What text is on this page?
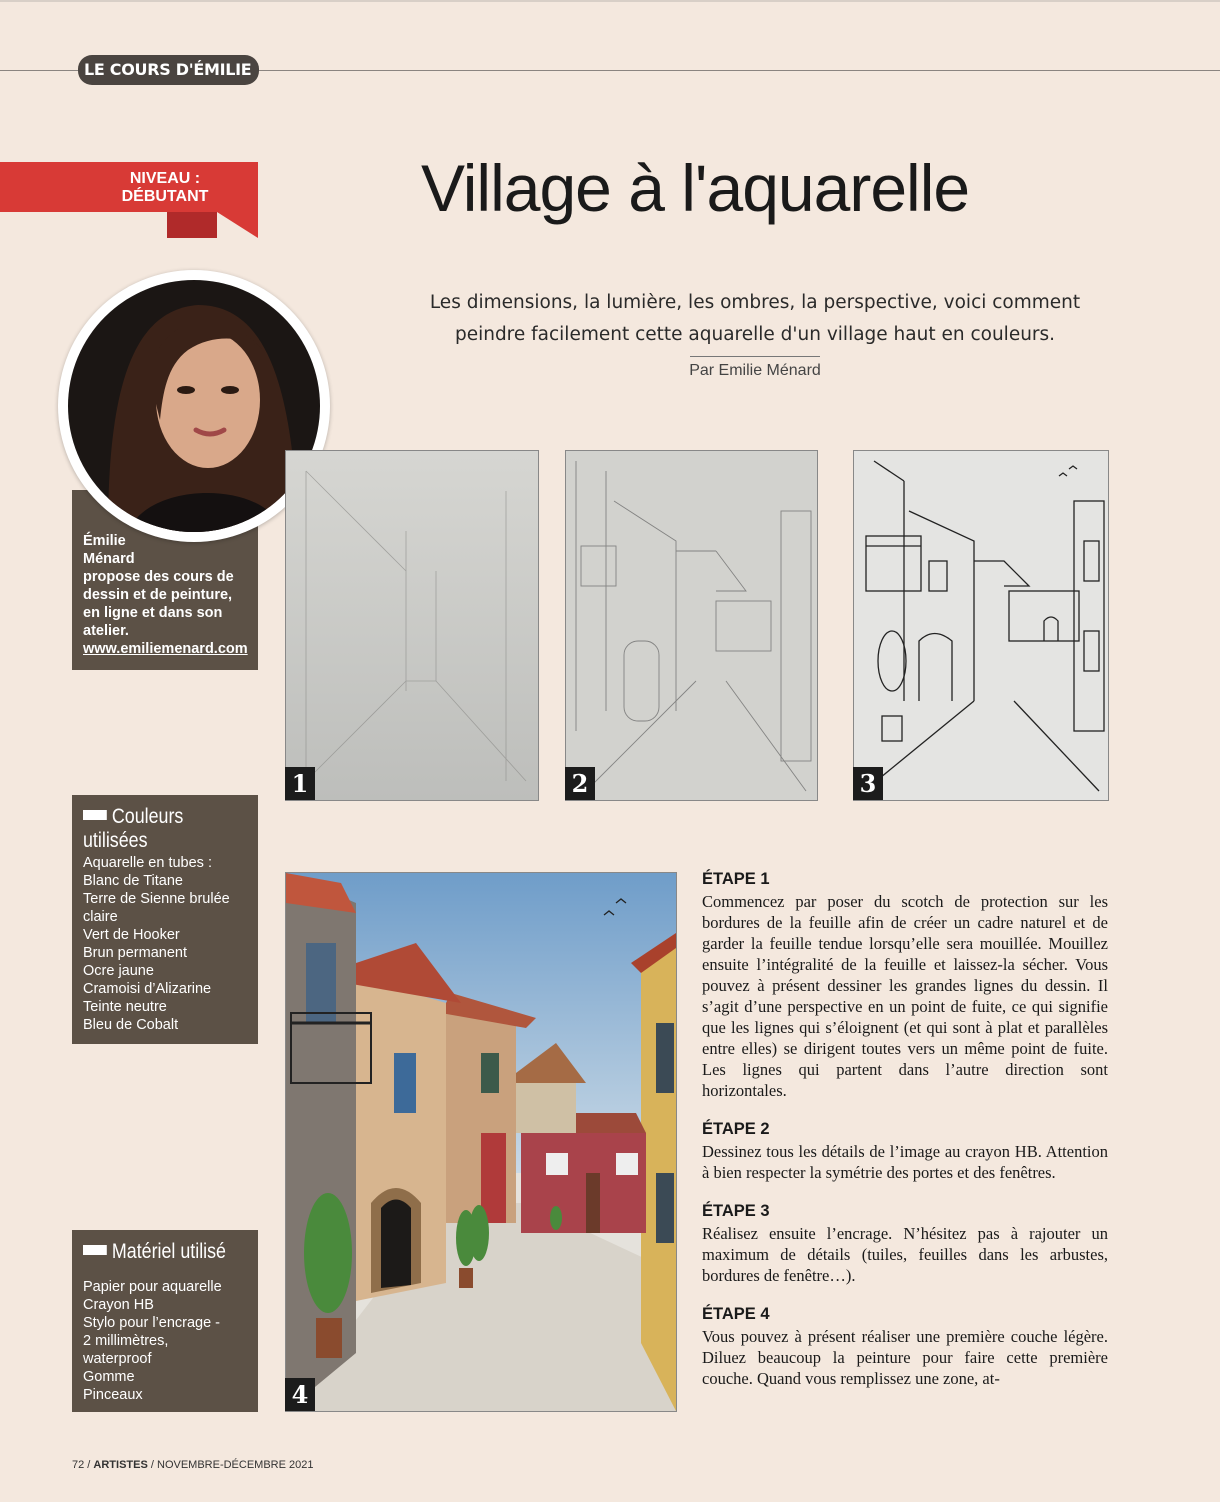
LE COURS D'ÉMILIE
NIVEAU :
DÉBUTANT	Village à l'aquarelle
Les dimensions, la lumière, les ombres, la perspective, voici comment
peindre facilement cette aquarelle d'un village haut en couleurs.
Par Emilie Ménard
Émilie
Ménard
propose des cours de
dessin et de peinture,
en ligne et dans son
atelier.
www.emiliemenard.com
Couleurs
utilisées
Aquarelle en tubes :
Blanc de Titane
Terre de Sienne brulée
claire
Vert de Hooker
Brun permanent
Ocre jaune
Cramoisi d’Alizarine
Teinte neutre
Bleu de Cobalt
Matériel utilisé
Papier pour aquarelle
Crayon HB
Stylo pour l’encrage -
2 millimètres,
waterproof
Gomme
Pinceaux
1	2	3
4
ÉTAPE 1

Commencez par poser du scotch de protection sur les bordures de la feuille afin de créer un cadre naturel et de garder la feuille tendue lorsqu’elle sera mouillée. Mouillez ensuite l’intégralité de la feuille et laissez-la sécher. Vous pouvez à présent dessiner les grandes lignes du dessin. Il s’agit d’une perspective en un point de fuite, ce qui signifie que les lignes qui s’éloignent (et qui sont à plat et parallèles entre elles) se dirigent toutes vers un même point de fuite. Les lignes qui partent dans l’autre direction sont horizontales.

ÉTAPE 2

Dessinez tous les détails de l’image au crayon HB. Attention à bien respecter la symétrie des portes et des fenêtres.

ÉTAPE 3

Réalisez ensuite l’encrage. N’hésitez pas à rajouter un maximum de détails (tuiles, feuilles dans les arbustes, bordures de fenêtre…).

ÉTAPE 4

Vous pouvez à présent réaliser une première couche légère. Diluez beaucoup la peinture pour faire cette première couche. Quand vous remplissez une zone, at-

72 / ARTISTES / NOVEMBRE-DÉCEMBRE 2021
